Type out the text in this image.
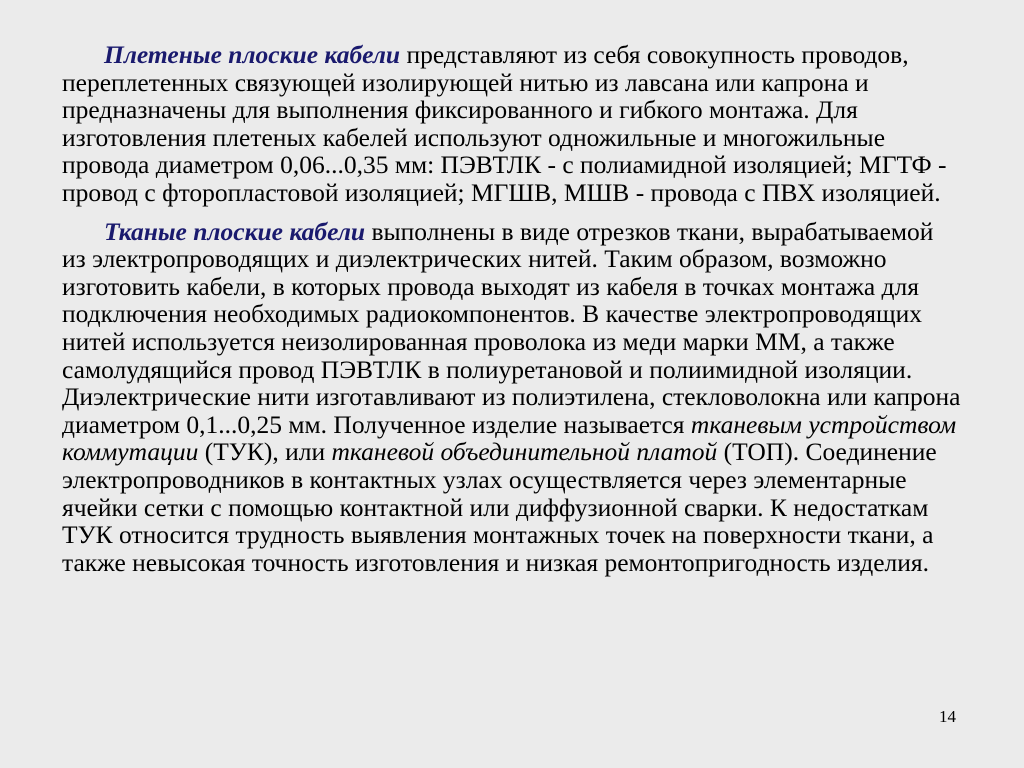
Плетеные плоские кабели представляют из себя совокупность проводов, переплетенных связующей изолирующей нитью из лавсана или капрона и предназначены для выполнения фиксированного и гибкого монтажа. Для изготовления плетеных кабелей используют одножильные и многожильные провода диаметром 0,06...0,35 мм: ПЭВТЛК - с полиамидной изоляцией; МГТФ - провод с фторопластовой изоляцией; МГШВ, МШВ - провода с ПВХ изоляцией.

Тканые плоские кабели выполнены в виде отрезков ткани, вырабатываемой из электропроводящих и диэлектрических нитей. Таким образом, возможно изготовить кабели, в которых провода выходят из кабеля в точках монтажа для подключения необходимых радиокомпонентов. В качестве электропроводящих нитей используется неизолированная проволока из меди марки ММ, а также самолудящийся провод ПЭВТЛК в полиуретановой и полиимидной изоляции. Диэлектрические нити изготавливают из полиэтилена, стекловолокна или капрона диаметром 0,1...0,25 мм. Полученное изделие называется тканевым устройством коммутации (ТУК), или тканевой объединительной платой (ТОП). Соединение электропроводников в контактных узлах осуществляется через элементарные ячейки сетки с помощью контактной или диффузионной сварки. К недостаткам ТУК относится трудность выявления монтажных точек на поверхности ткани, а также невысокая точность изготовления и низкая ремонтопригодность изделия.

14
